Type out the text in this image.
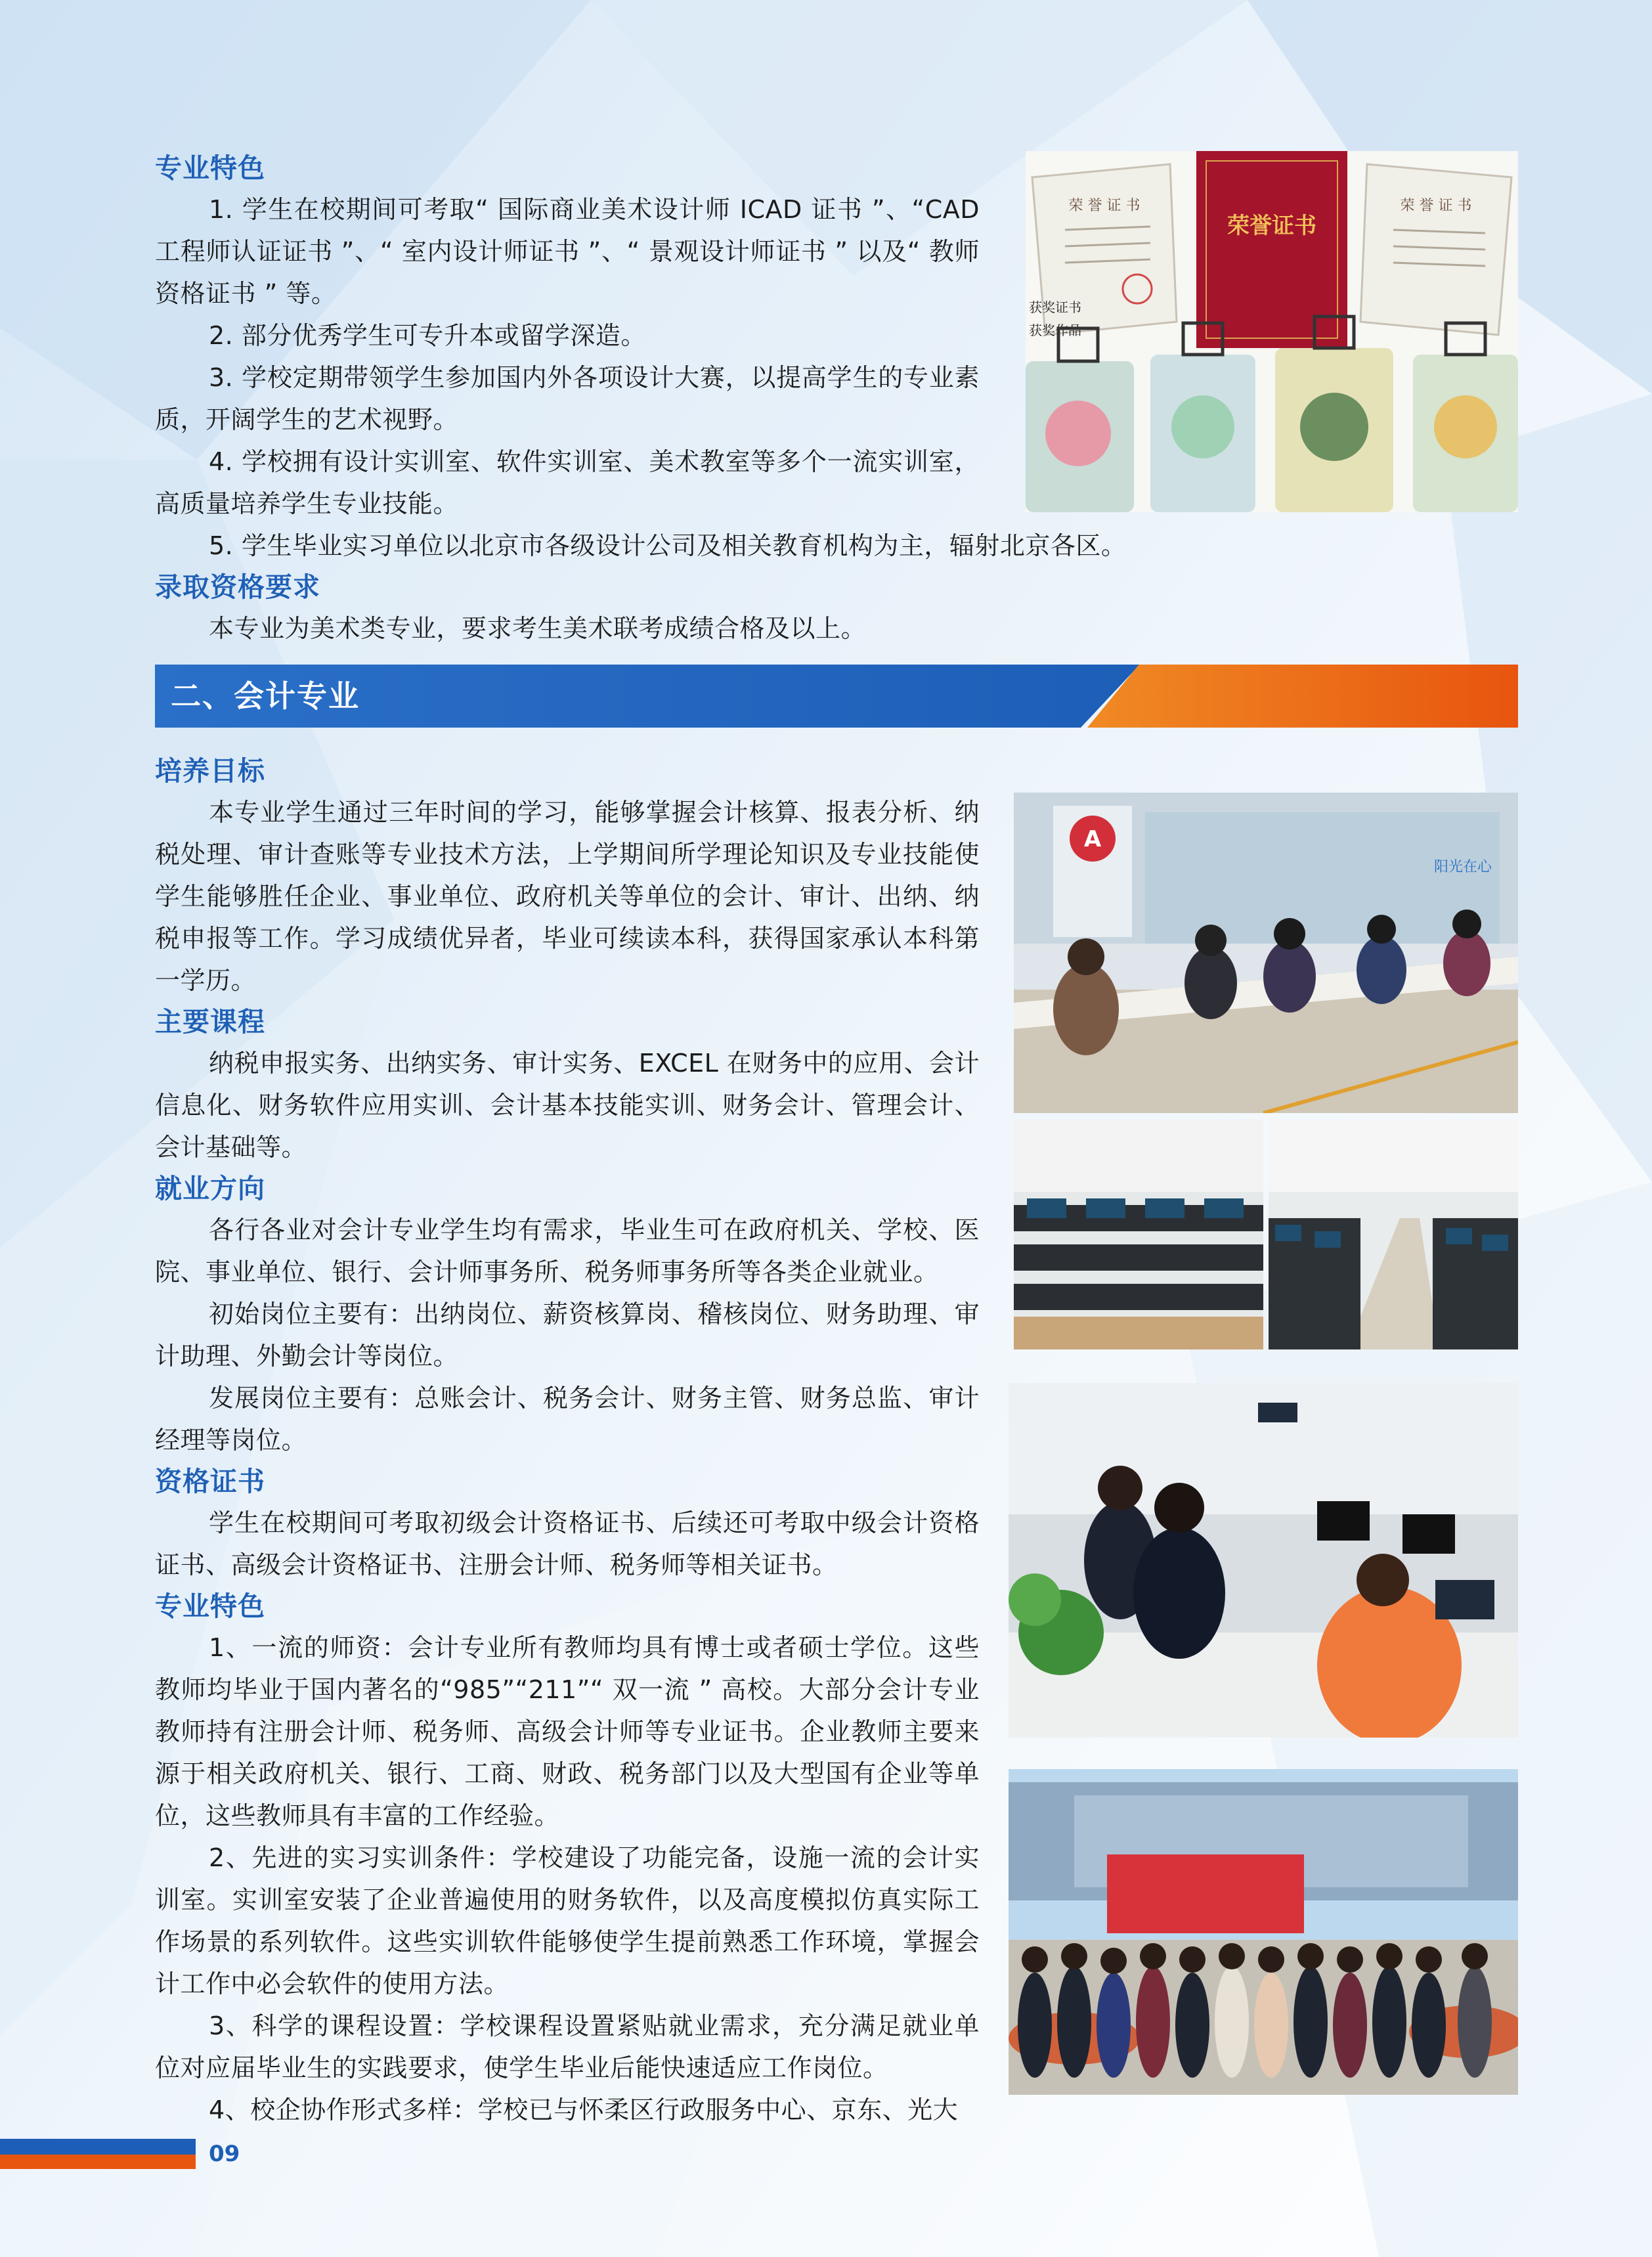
专业特色

1. 学生在校期间可考取“ 国际商业美术设计师 ICAD 证书 ”、“CAD 工程师认证证书 ”、“ 室内设计师证书 ”、“ 景观设计师证书 ” 以及“ 教师资格证书 ” 等。

2. 部分优秀学生可专升本或留学深造。

3. 学校定期带领学生参加国内外各项设计大赛，以提高学生的专业素质，开阔学生的艺术视野。

4. 学校拥有设计实训室、软件实训室、美术教室等多个一流实训室，高质量培养学生专业技能。

5. 学生毕业实习单位以北京市各级设计公司及相关教育机构为主，辐射北京各区。

录取资格要求

本专业为美术类专业，要求考生美术联考成绩合格及以上。

荣 誉 证 书
荣誉证书
荣 誉 证 书
获奖证书
获奖作品
二、会计专业

培养目标

本专业学生通过三年时间的学习，能够掌握会计核算、报表分析、纳税处理、审计查账等专业技术方法，上学期间所学理论知识及专业技能使学生能够胜任企业、事业单位、政府机关等单位的会计、审计、出纳、纳税申报等工作。学习成绩优异者，毕业可续读本科，获得国家承认本科第一学历。

主要课程

纳税申报实务、出纳实务、审计实务、EXCEL 在财务中的应用、会计信息化、财务软件应用实训、会计基本技能实训、财务会计、管理会计、会计基础等。

就业方向

各行各业对会计专业学生均有需求，毕业生可在政府机关、学校、医院、事业单位、银行、会计师事务所、税务师事务所等各类企业就业。

初始岗位主要有：出纳岗位、薪资核算岗、稽核岗位、财务助理、审计助理、外勤会计等岗位。

发展岗位主要有：总账会计、税务会计、财务主管、财务总监、审计经理等岗位。

资格证书

学生在校期间可考取初级会计资格证书、后续还可考取中级会计资格证书、高级会计资格证书、注册会计师、税务师等相关证书。

专业特色

1、一流的师资：会计专业所有教师均具有博士或者硕士学位。这些教师均毕业于国内著名的“985”“211”“ 双一流 ” 高校。大部分会计专业教师持有注册会计师、税务师、高级会计师等专业证书。企业教师主要来源于相关政府机关、银行、工商、财政、税务部门以及大型国有企业等单位，这些教师具有丰富的工作经验。

2、先进的实习实训条件：学校建设了功能完备，设施一流的会计实训室。实训室安装了企业普遍使用的财务软件，以及高度模拟仿真实际工作场景的系列软件。这些实训软件能够使学生提前熟悉工作环境，掌握会计工作中必会软件的使用方法。

3、科学的课程设置：学校课程设置紧贴就业需求，充分满足就业单位对应届毕业生的实践要求，使学生毕业后能快速适应工作岗位。

4、校企协作形式多样：学校已与怀柔区行政服务中心、京东、光大

A
阳光在心
09
